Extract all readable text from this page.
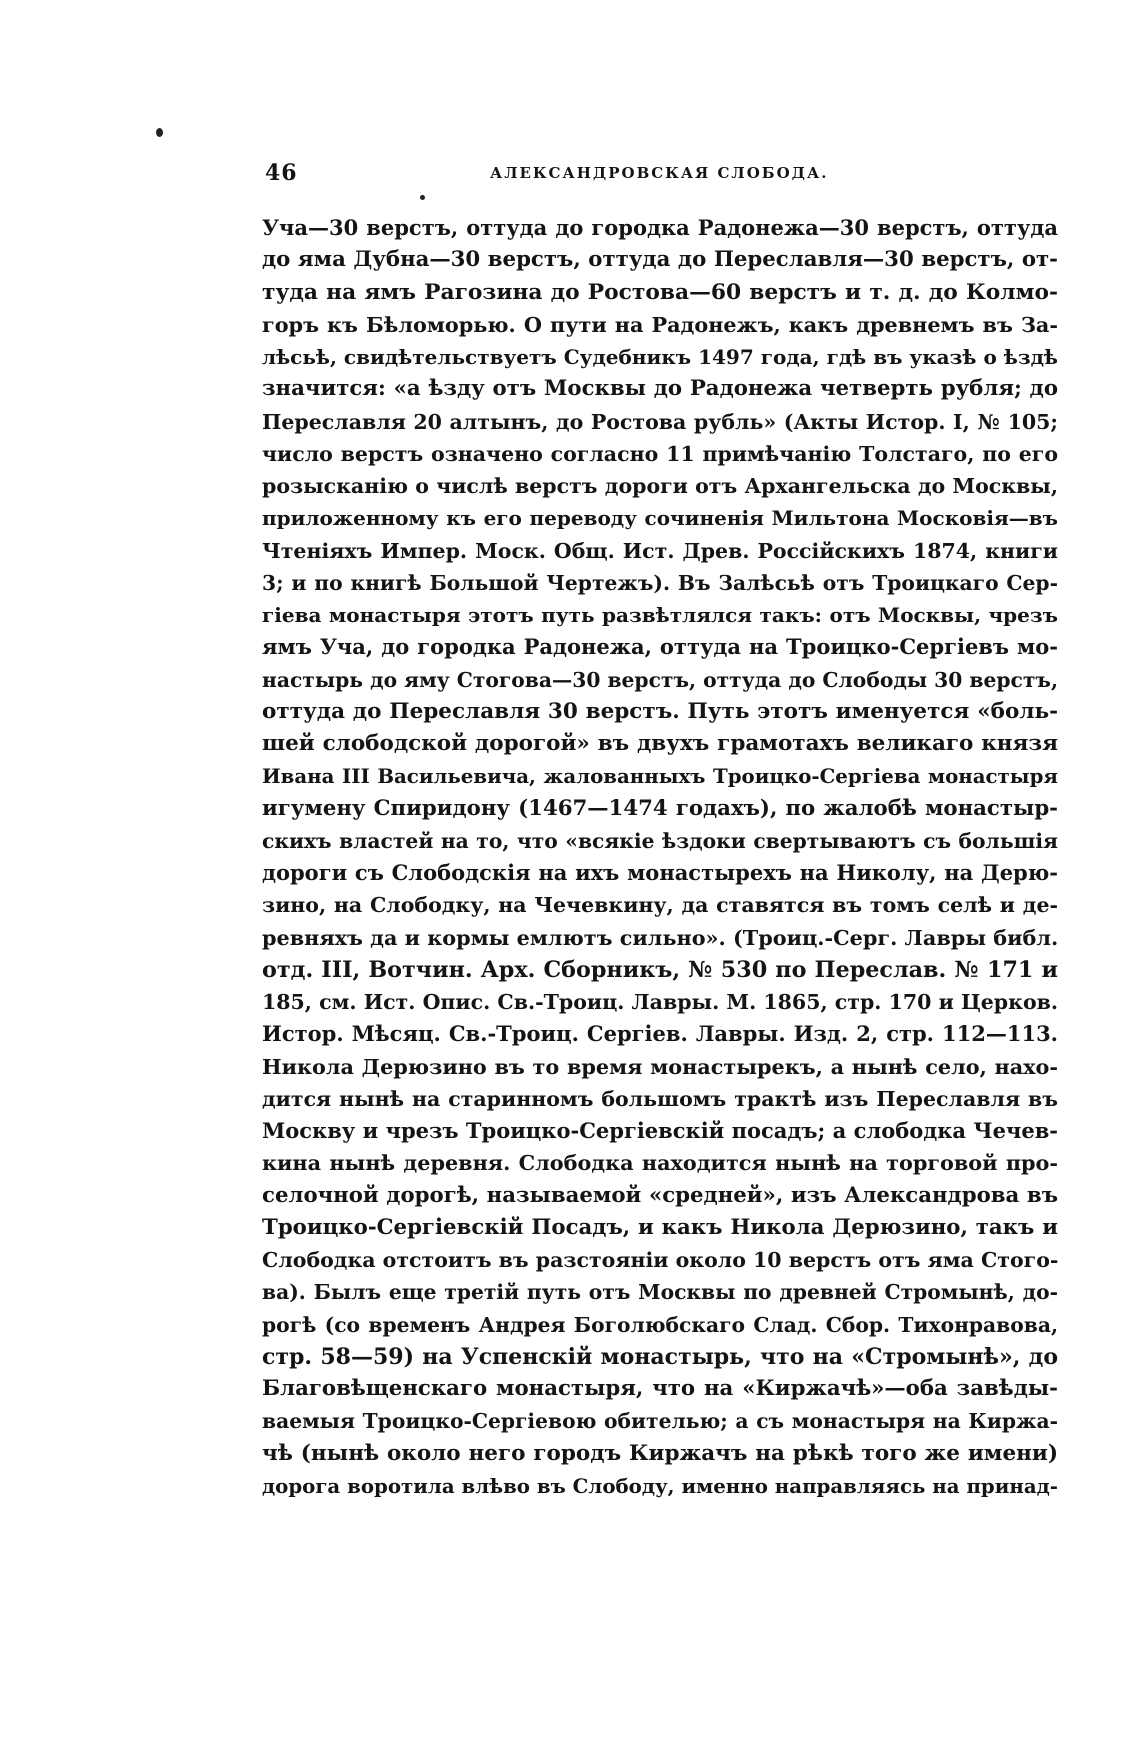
46	АЛЕКСАНДРОВСКАЯ СЛОБОДА.
Уча—30 верстъ, оттуда до городка Радонежа—30 верстъ, оттуда
до яма Дубна—30 верстъ, оттуда до Переславля—30 верстъ, от-
туда на ямъ Рагозина до Ростова—60 верстъ и т. д. до Колмо-
горъ къ Бѣломорью. О пути на Радонежъ, какъ древнемъ въ За-
лѣсьѣ, свидѣтельствуетъ Судебникъ 1497 года, гдѣ въ указѣ о ѣздѣ
значится: «а ѣзду отъ Москвы до Радонежа четверть рубля; до
Переславля 20 алтынъ, до Ростова рубль» (Акты Истор. I, № 105;
число верстъ означено согласно 11 примѣчанію Толстаго, по его
розысканію о числѣ верстъ дороги отъ Архангельска до Москвы,
приложенному къ его переводу сочиненія Мильтона Московія—въ
Чтеніяхъ Импер. Моск. Общ. Ист. Древ. Россійскихъ 1874, книги
3; и по книгѣ Большой Чертежъ). Въ Залѣсьѣ отъ Троицкаго Сер-
гіева монастыря этотъ путь развѣтлялся такъ: отъ Москвы, чрезъ
ямъ Уча, до городка Радонежа, оттуда на Троицко-Сергіевъ мо-
настырь до яму Стогова—30 верстъ, оттуда до Слободы 30 верстъ,
оттуда до Переславля 30 верстъ. Путь этотъ именуется «боль-
шей слободской дорогой» въ двухъ грамотахъ великаго князя
Ивана III Васильевича, жалованныхъ Троицко-Сергіева монастыря
игумену Спиридону (1467—1474 годахъ), по жалобѣ монастыр-
скихъ властей на то, что «всякіе ѣздоки свертываютъ съ большія
дороги съ Слободскія на ихъ монастырехъ на Николу, на Дерю-
зино, на Слободку, на Чечевкину, да ставятся въ томъ селѣ и де-
ревняхъ да и кормы емлютъ сильно». (Троиц.-Серг. Лавры библ.
отд. III, Вотчин. Арх. Сборникъ, № 530 по Переслав. № 171 и
185, см. Ист. Опис. Св.-Троиц. Лавры. М. 1865, стр. 170 и Церков.
Истор. Мѣсяц. Св.-Троиц. Сергіев. Лавры. Изд. 2, стр. 112—113.
Никола Дерюзино въ то время монастырекъ, а нынѣ село, нахо-
дится нынѣ на старинномъ большомъ трактѣ изъ Переславля въ
Москву и чрезъ Троицко-Сергіевскій посадъ; а слободка Чечев-
кина нынѣ деревня. Слободка находится нынѣ на торговой про-
селочной дорогѣ, называемой «средней», изъ Александрова въ
Троицко-Сергіевскій Посадъ, и какъ Никола Дерюзино, такъ и
Слободка отстоитъ въ разстояніи около 10 верстъ отъ яма Стого-
ва). Былъ еще третій путь отъ Москвы по древней Стромынѣ, до-
рогѣ (со временъ Андрея Боголюбскаго Слад. Сбор. Тихонравова,
стр. 58—59) на Успенскій монастырь, что на «Стромынѣ», до
Благовѣщенскаго монастыря, что на «Киржачѣ»—оба завѣды-
ваемыя Троицко-Сергіевою обителью; а съ монастыря на Киржа-
чѣ (нынѣ около него городъ Киржачъ на рѣкѣ того же имени)
дорога воротила влѣво въ Слободу, именно направляясь на принад-
